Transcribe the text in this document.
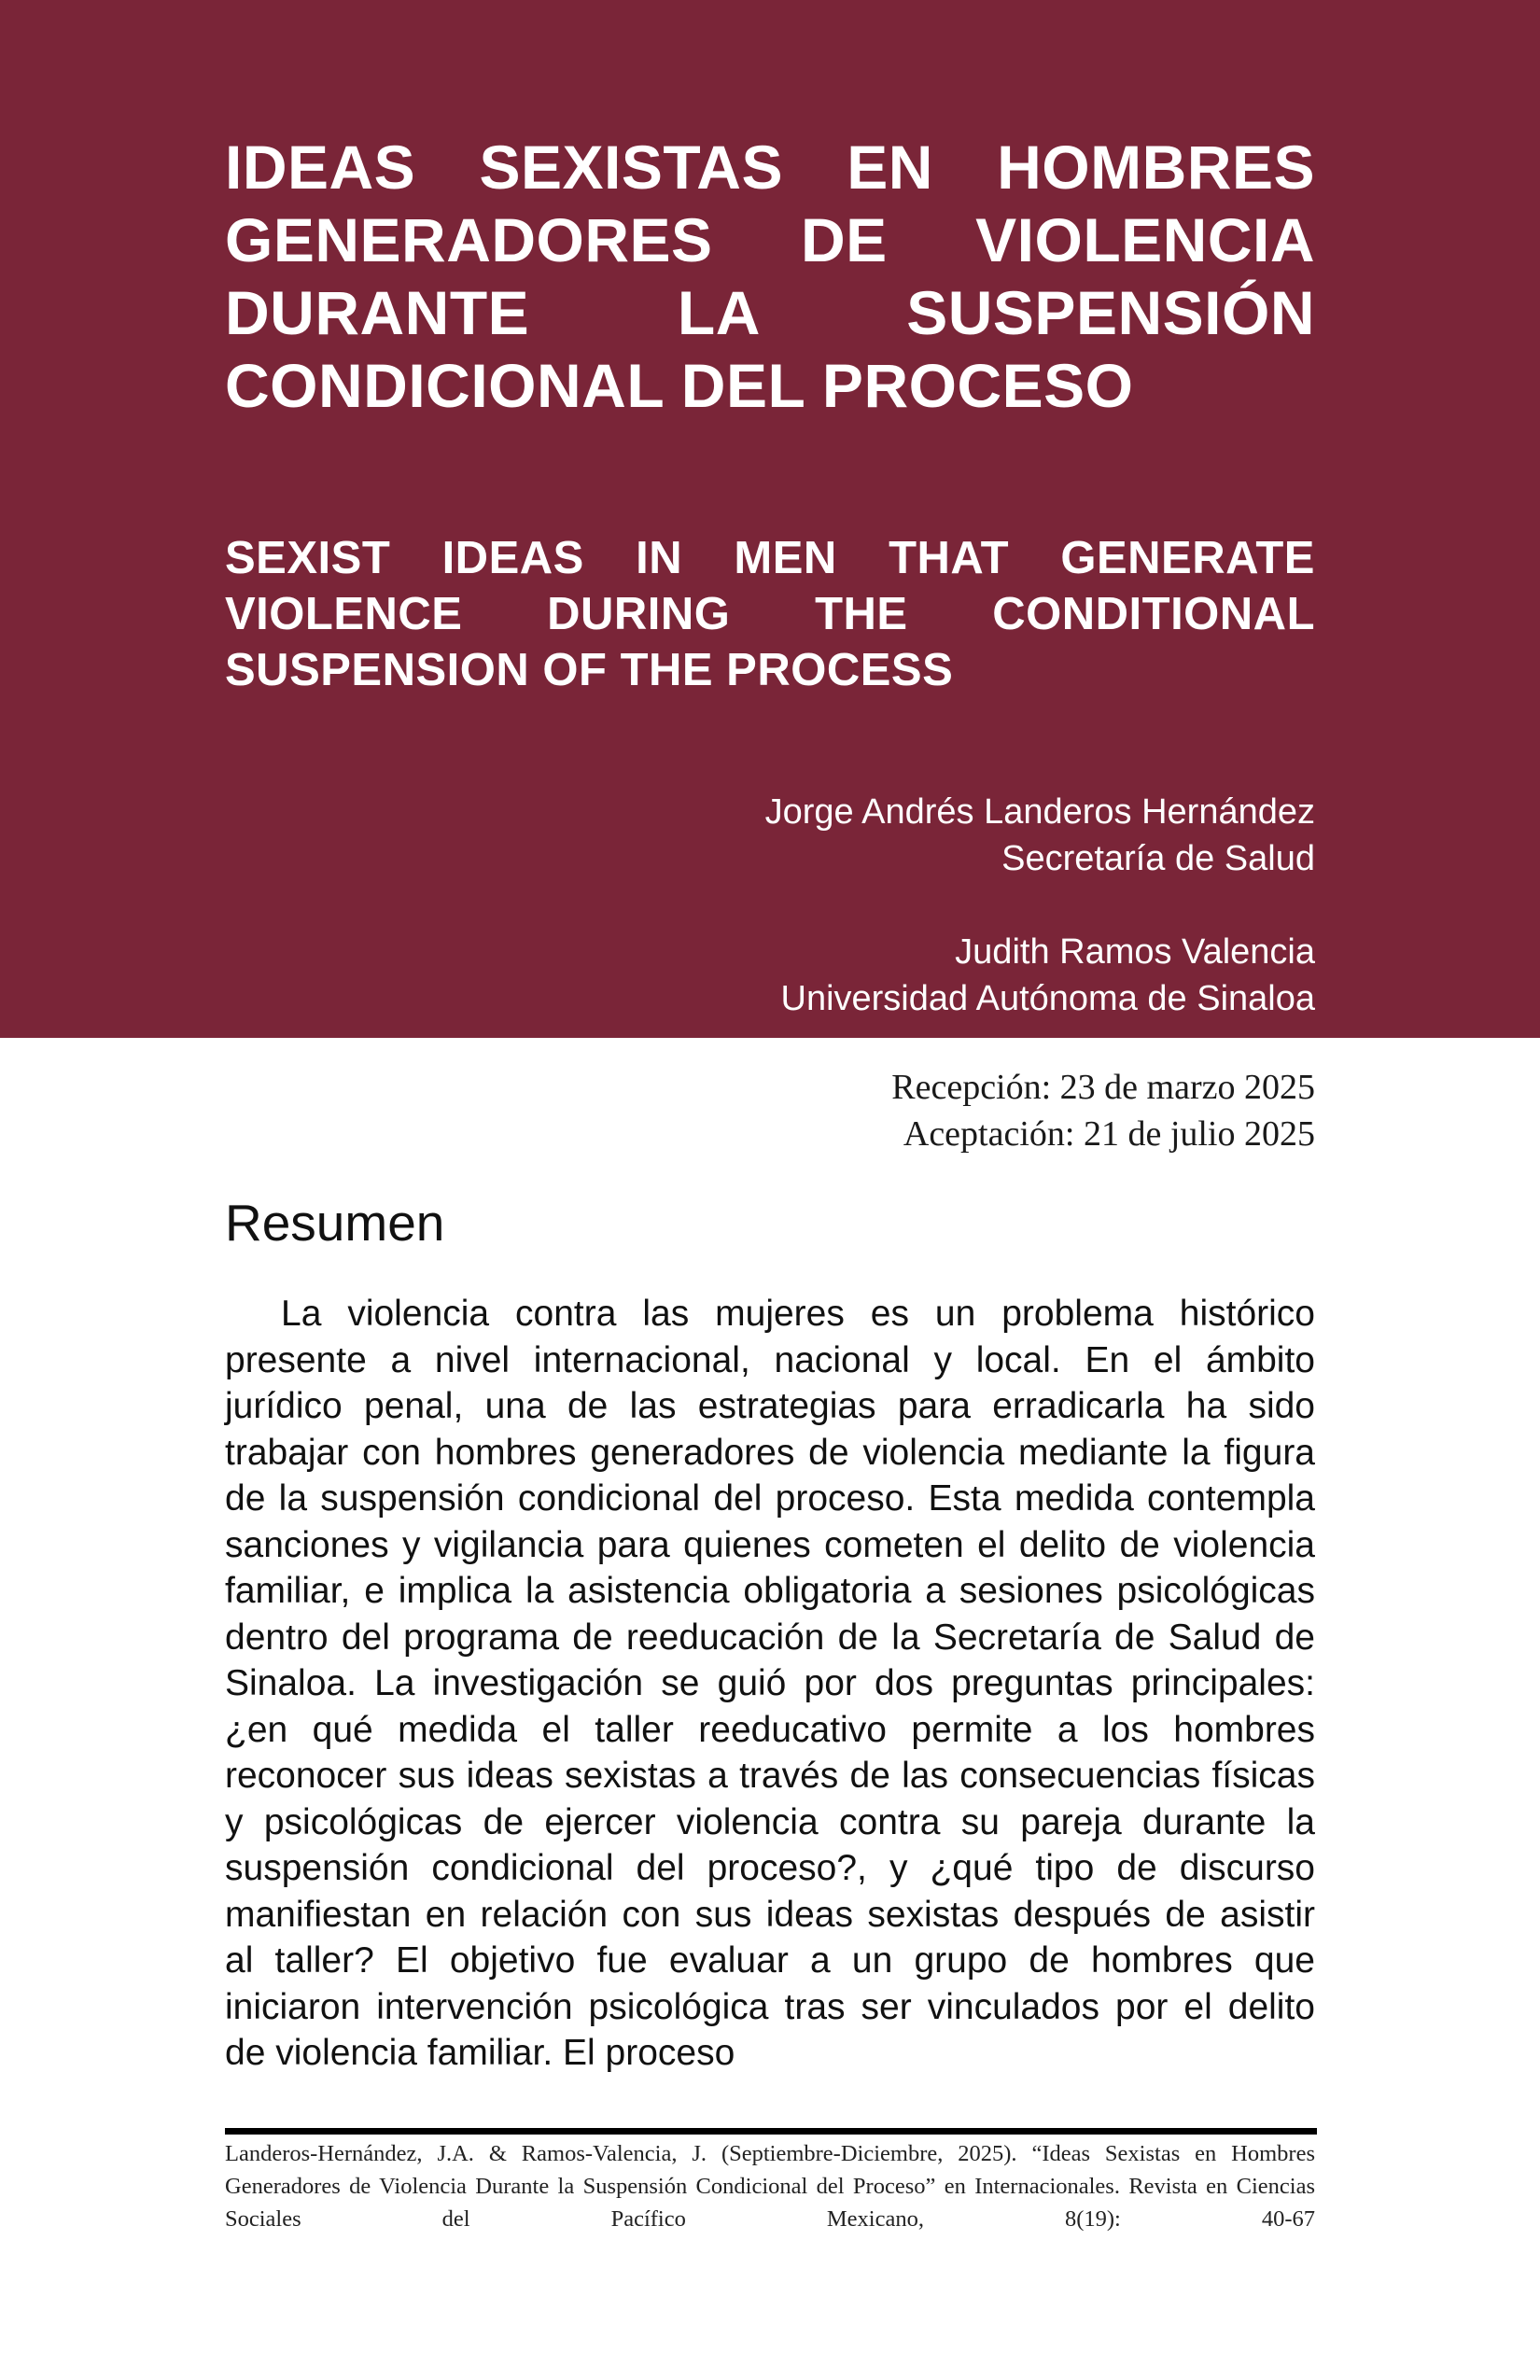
IDEAS SEXISTAS EN HOMBRES GENERADORES DE VIOLENCIA DURANTE LA SUSPENSIÓN CONDICIONAL DEL PROCESO
SEXIST IDEAS IN MEN THAT GENERATE VIOLENCE DURING THE CONDITIONAL SUSPENSION OF THE PROCESS

Jorge Andrés Landeros Hernández
Secretaría de Salud

Judith Ramos Valencia
Universidad Autónoma de Sinaloa

Recepción: 23 de marzo 2025
Aceptación: 21 de julio 2025
Resumen

La violencia contra las mujeres es un problema histórico presente a nivel internacional, nacional y local. En el ámbito jurídico penal, una de las estrategias para erradicarla ha sido trabajar con hombres generadores de violencia mediante la figura de la suspensión condicional del proceso. Esta medida contempla sanciones y vigilancia para quienes cometen el delito de violencia familiar, e implica la asistencia obligatoria a sesiones psicológicas dentro del programa de reeducación de la Secretaría de Salud de Sinaloa. La investigación se guió por dos preguntas principales: ¿en qué medida el taller reeducativo permite a los hombres reconocer sus ideas sexistas a través de las consecuencias físicas y psicológicas de ejercer violencia contra su pareja durante la suspensión condicional del proceso?, y ¿qué tipo de discurso manifiestan en relación con sus ideas sexistas después de asistir al taller? El objetivo fue evaluar a un grupo de hombres que iniciaron intervención psicológica tras ser vinculados por el delito de violencia familiar. El proceso

Landeros-Hernández, J.A. & Ramos-Valencia, J. (Septiembre-Diciembre, 2025). “Ideas Sexistas en Hombres Generadores de Violencia Durante la Suspensión Condicional del Proceso” en Internacionales. Revista en Ciencias Sociales del Pacífico Mexicano, 8(19): 40-67
